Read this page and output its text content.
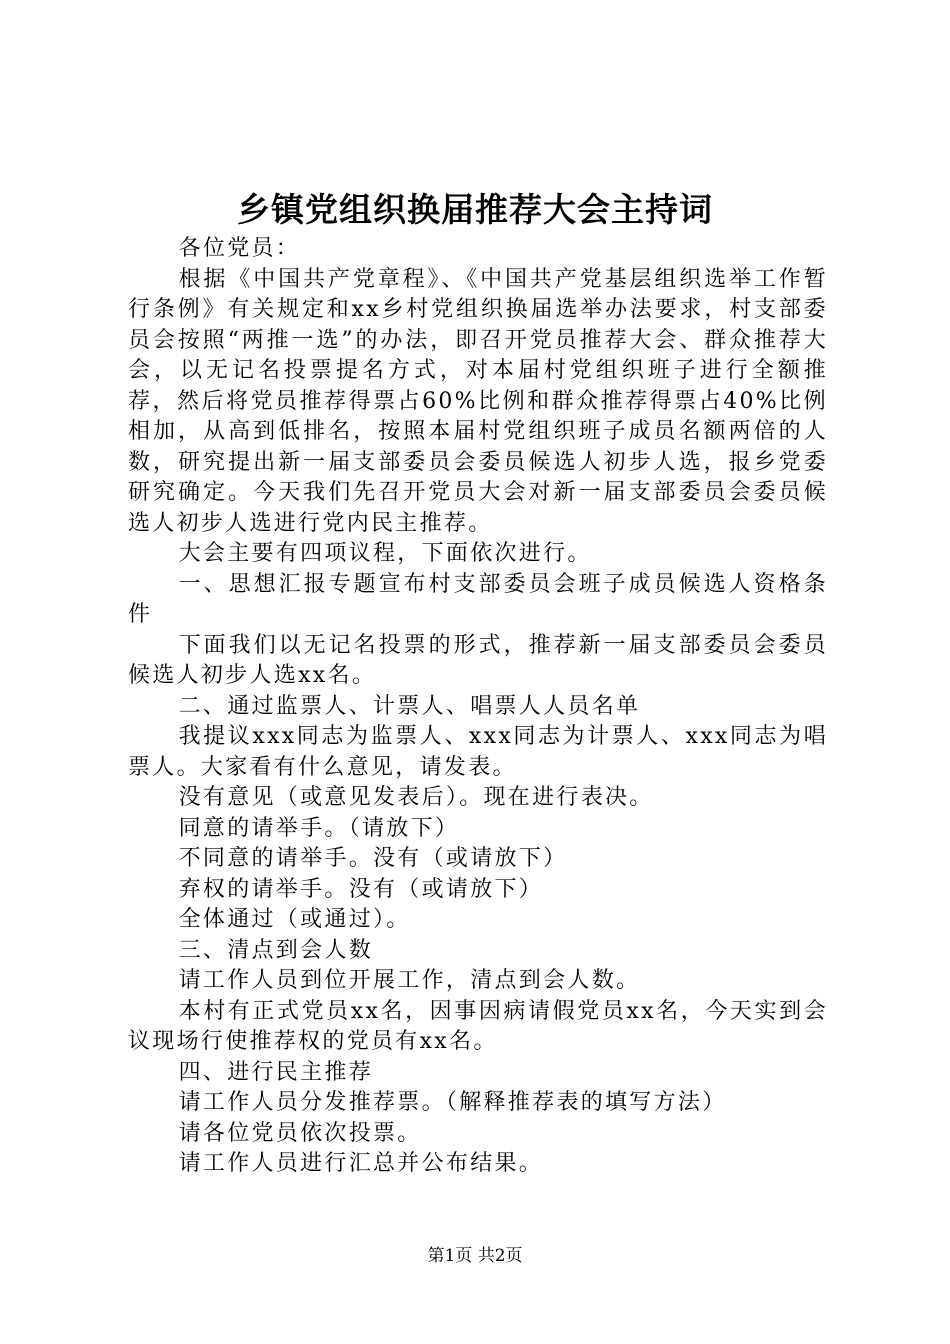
乡镇党组织换届推荐大会主持词

各位党员：

根据《中国共产党章程》、《中国共产党基层组织选举工作暂行条例》有关规定和xx乡村党组织换届选举办法要求，村支部委员会按照“两推一选”的办法，即召开党员推荐大会、群众推荐大会，以无记名投票提名方式，对本届村党组织班子进行全额推荐，然后将党员推荐得票占60%比例和群众推荐得票占40%比例相加，从高到低排名，按照本届村党组织班子成员名额两倍的人数，研究提出新一届支部委员会委员候选人初步人选，报乡党委研究确定。今天我们先召开党员大会对新一届支部委员会委员候选人初步人选进行党内民主推荐。

大会主要有四项议程，下面依次进行。

一、思想汇报专题宣布村支部委员会班子成员候选人资格条件

下面我们以无记名投票的形式，推荐新一届支部委员会委员候选人初步人选xx名。

二、通过监票人、计票人、唱票人人员名单

我提议xxx同志为监票人、xxx同志为计票人、xxx同志为唱票人。大家看有什么意见，请发表。

没有意见（或意见发表后）。现在进行表决。

同意的请举手。（请放下）

不同意的请举手。没有（或请放下）

弃权的请举手。没有（或请放下）

全体通过（或通过）。

三、清点到会人数

请工作人员到位开展工作，清点到会人数。

本村有正式党员xx名，因事因病请假党员xx名，今天实到会议现场行使推荐权的党员有xx名。

四、进行民主推荐

请工作人员分发推荐票。（解释推荐表的填写方法）

请各位党员依次投票。

请工作人员进行汇总并公布结果。

第1页 共2页
